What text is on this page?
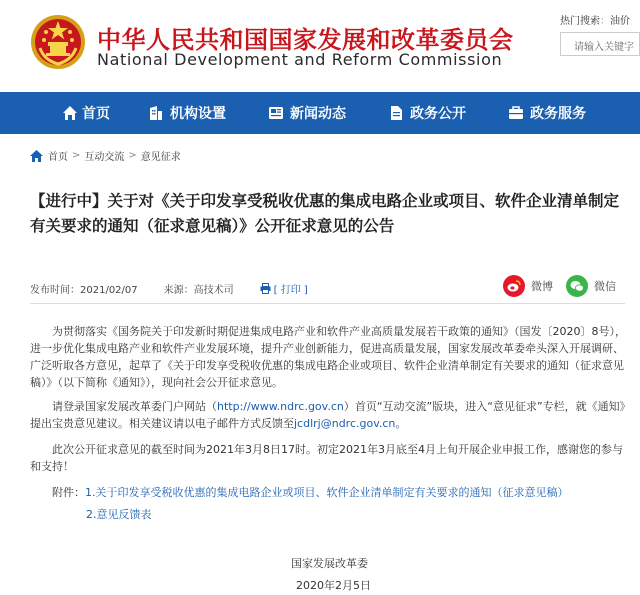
中华人民共和国国家发展和改革委员会
National Development and Reform Commission
热门搜索：油价
请输入关键字
首页	机构设置	新闻动态	政务公开	政务服务
首页 > 互动交流 > 意见征求
【进行中】关于对《关于印发享受税收优惠的集成电路企业或项目、软件企业清单制定有关要求的通知（征求意见稿）》公开征求意见的公告
发布时间：2021/02/07	来源：高技术司	[ 打印 ]	微博	微信

为贯彻落实《国务院关于印发新时期促进集成电路产业和软件产业高质量发展若干政策的通知》（国发〔2020〕8号），进一步优化集成电路产业和软件产业发展环境，提升产业创新能力，促进高质量发展，国家发展改革委牵头深入开展调研、广泛听取各方意见，起草了《关于印发享受税收优惠的集成电路企业或项目、软件企业清单制定有关要求的通知（征求意见稿）》（以下简称《通知》），现向社会公开征求意见。

请登录国家发展改革委门户网站（http://www.ndrc.gov.cn）首页“互动交流”版块，进入“意见征求”专栏，就《通知》提出宝贵意见建议。相关建议请以电子邮件方式反馈至jcdlrj@ndrc.gov.cn。

此次公开征求意见的截至时间为2021年3月8日17时。初定2021年3月底至4月上旬开展企业申报工作，感谢您的参与和支持！

附件：1.关于印发享受税收优惠的集成电路企业或项目、软件企业清单制定有关要求的通知（征求意见稿）
2.意见反馈表
国家发展改革委
2020年2月5日
